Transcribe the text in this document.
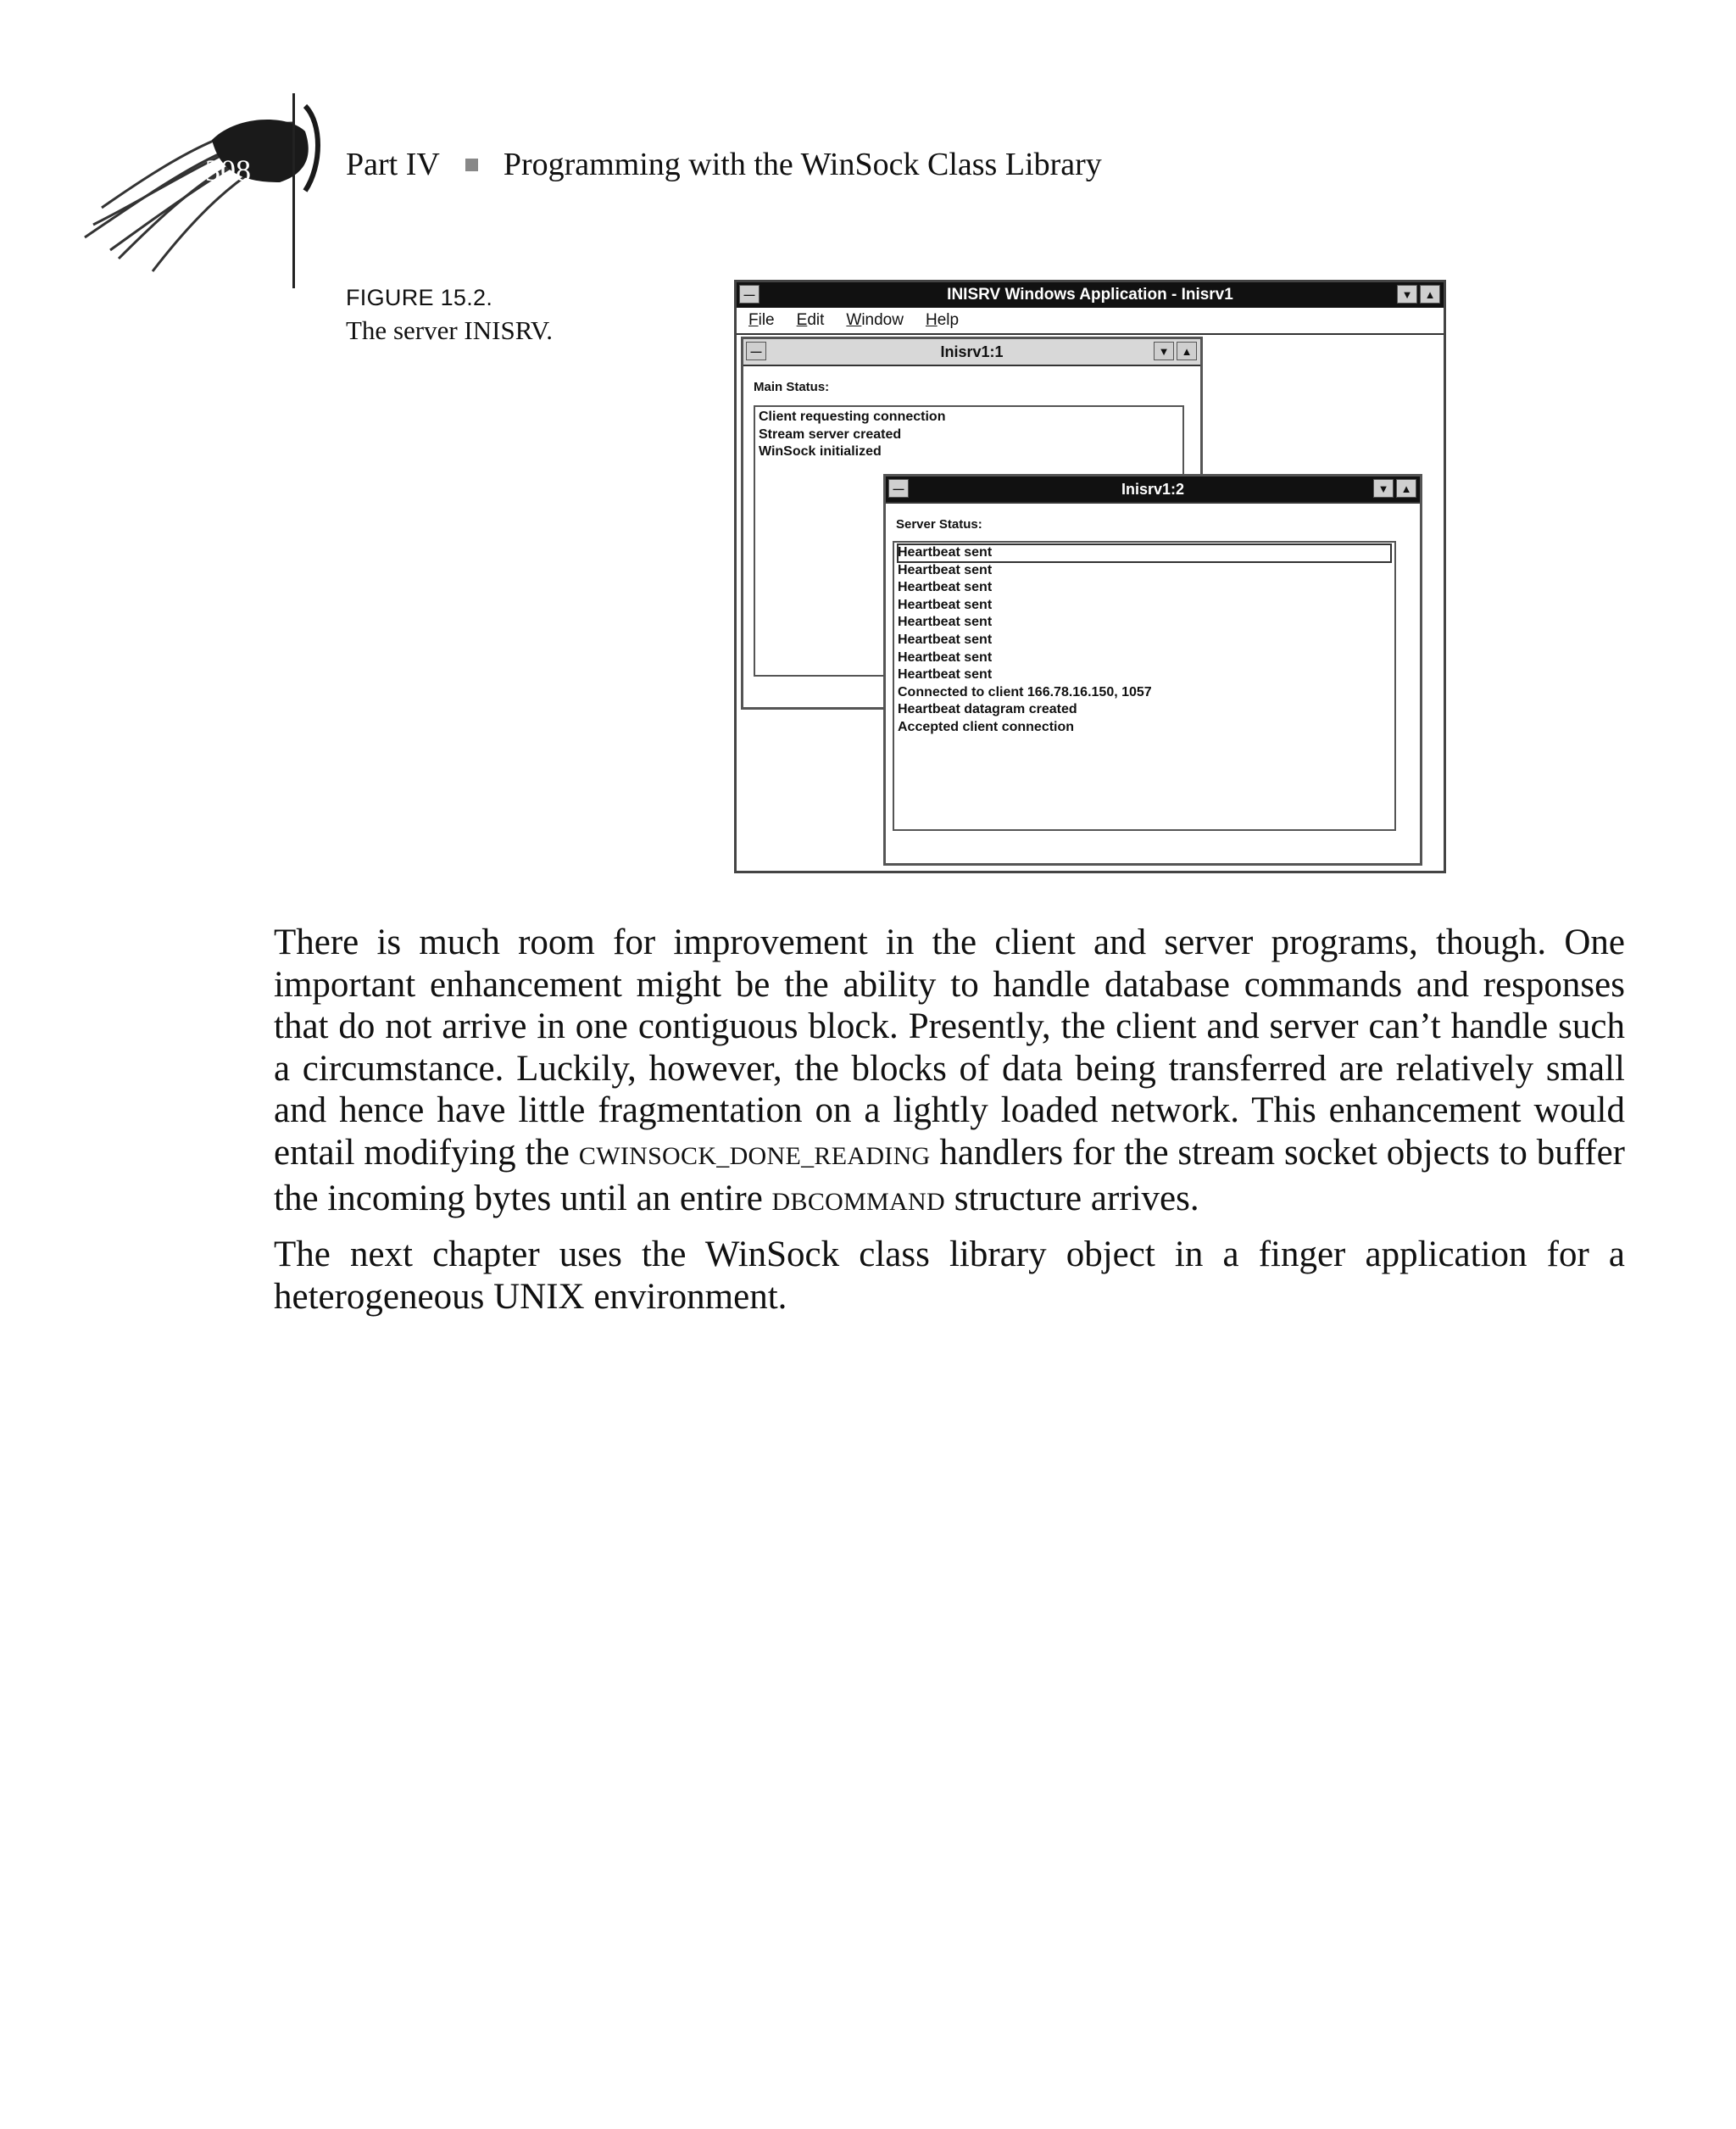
308	Part IV Programming with the WinSock Class Library
FIGURE 15.2.
The server INISRV.
—	INISRV Windows Application - Inisrv1	▼	▲
File Edit Window Help
—	Inisrv1:1	▼	▲
Main Status:
Client requesting connection
Stream server created
WinSock initialized
—	Inisrv1:2	▼	▲
Server Status:
Heartbeat sent
Heartbeat sent
Heartbeat sent
Heartbeat sent
Heartbeat sent
Heartbeat sent
Heartbeat sent
Heartbeat sent
Connected to client 166.78.16.150, 1057
Heartbeat datagram created
Accepted client connection

There is much room for improvement in the client and server programs, though. One important enhancement might be the ability to handle database commands and responses that do not arrive in one contiguous block. Presently, the client and server can’t handle such a circumstance. Luckily, however, the blocks of data being transferred are relatively small and hence have little fragmentation on a lightly loaded network. This enhancement would entail modifying the CWINSOCK_DONE_READING handlers for the stream socket objects to buffer the incoming bytes until an entire DBCOMMAND structure arrives.

The next chapter uses the WinSock class library object in a finger application for a heterogeneous UNIX environment.
